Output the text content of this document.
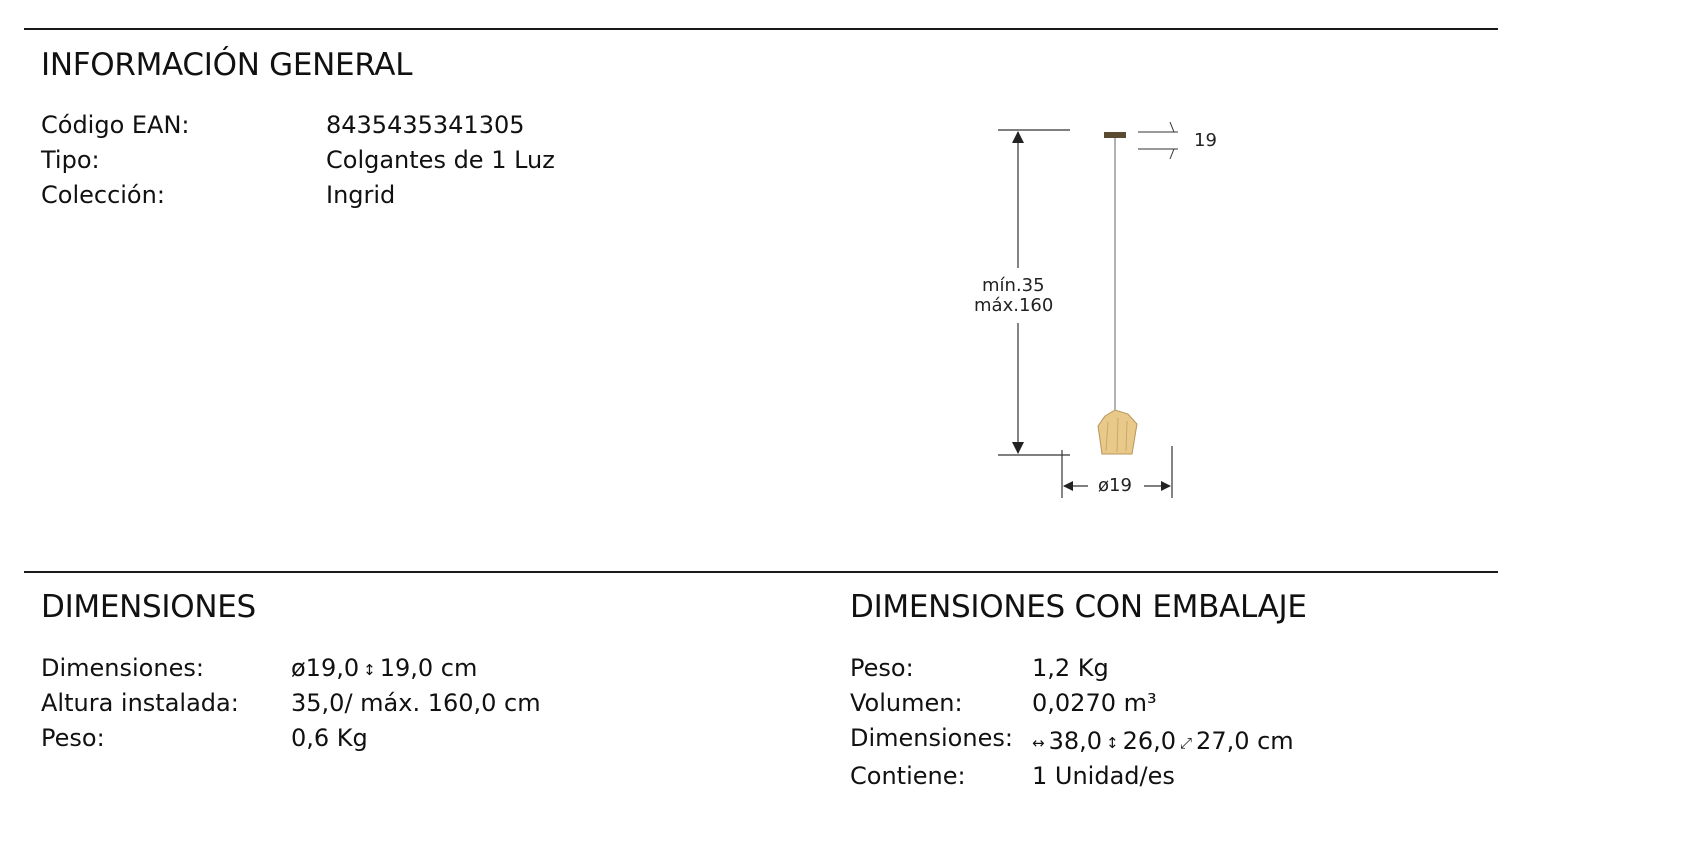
INFORMACIÓN GENERAL
Código EAN:	8435435341305
Tipo:	Colgantes de 1 Luz
Colección:	Ingrid
mín.35
máx.160
19
ø19
DIMENSIONES
Dimensiones:	ø19,0 ↕ 19,0 cm
Altura instalada:	35,0/ máx. 160,0 cm
Peso:	0,6 Kg
DIMENSIONES CON EMBALAJE
Peso:	1,2 Kg
Volumen:	0,0270 m³
Dimensiones:	↔ 38,0 ↕ 26,0 ⤢ 27,0 cm
Contiene:	1 Unidad/es
